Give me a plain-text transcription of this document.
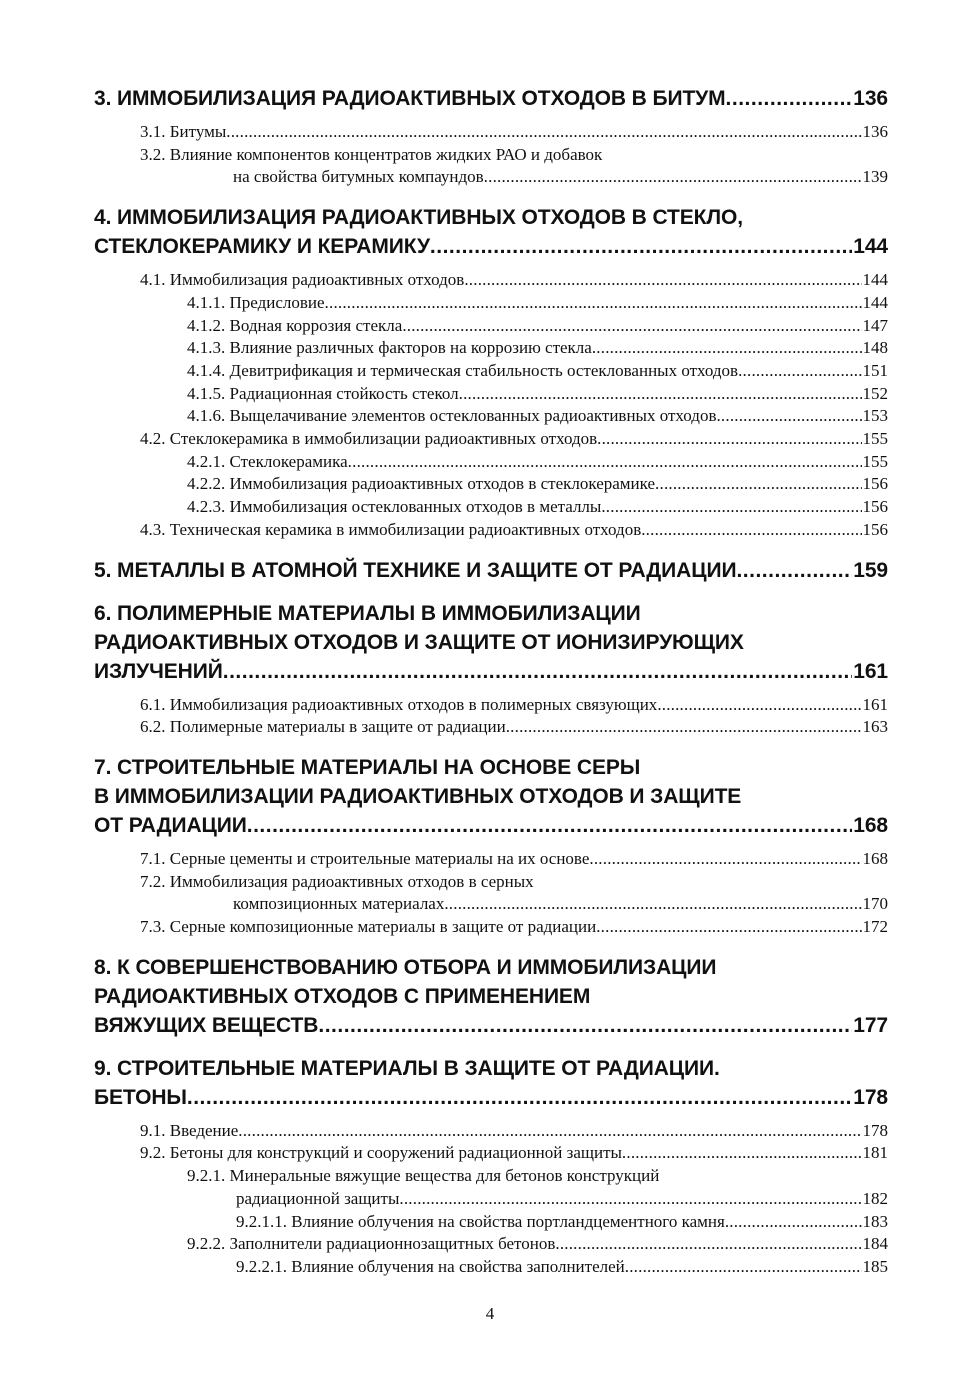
3. ИММОБИЛИЗАЦИЯ РАДИОАКТИВНЫХ ОТХОДОВ В БИТУМ .....	136
3.1. Битумы .....	136
3.2. Влияние компонентов концентратов жидких РАО и добавок
на свойства битумных компаундов .....	139
4. ИММОБИЛИЗАЦИЯ РАДИОАКТИВНЫХ ОТХОДОВ В СТЕКЛО,
СТЕКЛОКЕРАМИКУ И КЕРАМИКУ .....	144
4.1. Иммобилизация радиоактивных отходов .....	144
4.1.1. Предисловие .....	144
4.1.2. Водная коррозия стекла .....	147
4.1.3. Влияние различных факторов на коррозию стекла .....	148
4.1.4. Девитрификация и термическая стабильность остеклованных отходов .....	151
4.1.5. Радиационная стойкость стекол .....	152
4.1.6. Выщелачивание элементов остеклованных радиоактивных отходов .....	153
4.2. Стеклокерамика в иммобилизации радиоактивных отходов .....	155
4.2.1. Стеклокерамика .....	155
4.2.2. Иммобилизация радиоактивных отходов в стеклокерамике .....	156
4.2.3. Иммобилизация остеклованных отходов в металлы .....	156
4.3. Техническая керамика в иммобилизации радиоактивных отходов .....	156
5. МЕТАЛЛЫ В АТОМНОЙ ТЕХНИКЕ И ЗАЩИТЕ ОТ РАДИАЦИИ .....	159
6. ПОЛИМЕРНЫЕ МАТЕРИАЛЫ В ИММОБИЛИЗАЦИИ
РАДИОАКТИВНЫХ ОТХОДОВ И ЗАЩИТЕ ОТ ИОНИЗИРУЮЩИХ
ИЗЛУЧЕНИЙ .....	161
6.1. Иммобилизация радиоактивных отходов в полимерных связующих .....	161
6.2. Полимерные материалы в защите от радиации .....	163
7. СТРОИТЕЛЬНЫЕ МАТЕРИАЛЫ НА ОСНОВЕ СЕРЫ
В ИММОБИЛИЗАЦИИ РАДИОАКТИВНЫХ ОТХОДОВ И ЗАЩИТЕ
ОТ РАДИАЦИИ .....	168
7.1. Серные цементы и строительные материалы на их основе .....	168
7.2. Иммобилизация радиоактивных отходов в серных
композиционных материалах .....	170
7.3. Серные композиционные материалы в защите от радиации .....	172
8. К СОВЕРШЕНСТВОВАНИЮ ОТБОРА И ИММОБИЛИЗАЦИИ
РАДИОАКТИВНЫХ ОТХОДОВ С ПРИМЕНЕНИЕМ
ВЯЖУЩИХ ВЕЩЕСТВ .....	177
9. СТРОИТЕЛЬНЫЕ МАТЕРИАЛЫ В ЗАЩИТЕ ОТ РАДИАЦИИ.
БЕТОНЫ .....	178
9.1. Введение .....	178
9.2. Бетоны для конструкций и сооружений радиационной защиты .....	181
9.2.1. Минеральные вяжущие вещества для бетонов конструкций
радиационной защиты .....	182
9.2.1.1. Влияние облучения на свойства портландцементного камня .....	183
9.2.2. Заполнители радиационнозащитных бетонов .....	184
9.2.2.1. Влияние облучения на свойства заполнителей .....	185
4
